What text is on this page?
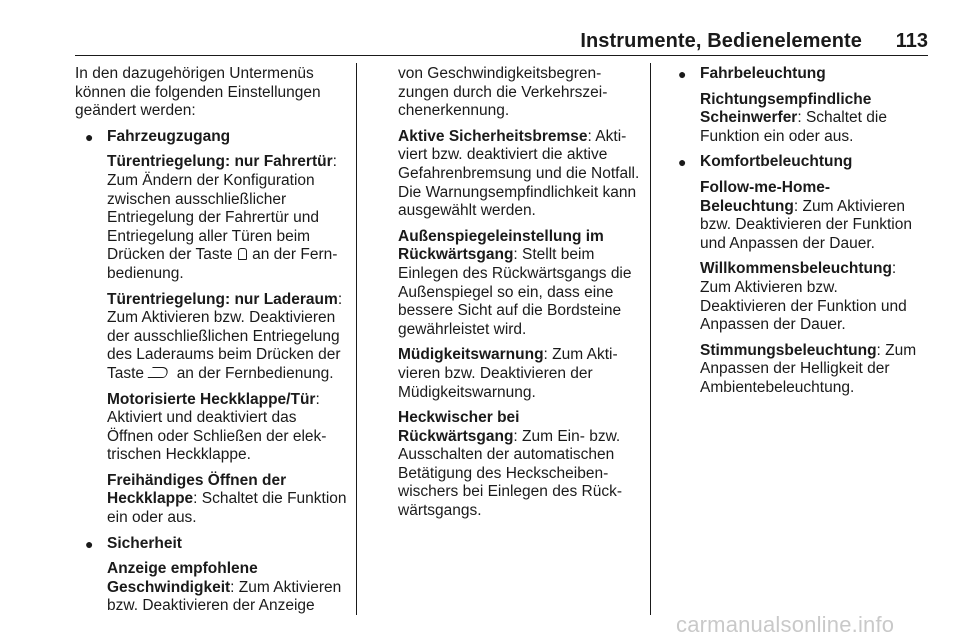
Instrumente, Bedienelemente	113

In den dazugehörigen Untermenüs können die folgenden Einstellungen geändert werden:

● Fahrzeugzugang

Türentriegelung: nur Fahrertür: Zum Ändern der Konfiguration zwischen ausschließlicher Entriegelung der Fahrertür und Entriegelung aller Türen beim Drücken der Taste an der Fernbedienung.

Türentriegelung: nur Laderaum: Zum Aktivieren bzw. Deaktivieren der ausschließlichen Entriegelung des Laderaums beim Drücken der Taste an der Fernbedienung.

Motorisierte Heckklappe/Tür: Aktiviert und deaktiviert das Öffnen oder Schließen der elektrischen Heckklappe.

Freihändiges Öffnen der Heckklappe: Schaltet die Funktion ein oder aus.

● Sicherheit

Anzeige empfohlene Geschwindigkeit: Zum Aktivieren bzw. Deaktivieren der Anzeige

von Geschwindigkeitsbegrenzungen durch die Verkehrszeichenerkennung.

Aktive Sicherheitsbremse: Aktiviert bzw. deaktiviert die aktive Gefahrenbremsung und die Notfall. Die Warnungsempfindlichkeit kann ausgewählt werden.

Außenspiegeleinstellung im Rückwärtsgang: Stellt beim Einlegen des Rückwärtsgangs die Außenspiegel so ein, dass eine bessere Sicht auf die Bordsteine gewährleistet wird.

Müdigkeitswarnung: Zum Aktivieren bzw. Deaktivieren der Müdigkeitswarnung.

Heckwischer bei Rückwärtsgang: Zum Ein- bzw. Ausschalten der automatischen Betätigung des Heckscheibenwischers bei Einlegen des Rückwärtsgangs.

● Fahrbeleuchtung

Richtungsempfindliche Scheinwerfer: Schaltet die Funktion ein oder aus.

● Komfortbeleuchtung

Follow-me-Home-Beleuchtung: Zum Aktivieren bzw. Deaktivieren der Funktion und Anpassen der Dauer.

Willkommensbeleuchtung: Zum Aktivieren bzw. Deaktivieren der Funktion und Anpassen der Dauer.

Stimmungsbeleuchtung: Zum Anpassen der Helligkeit der Ambientebeleuchtung.

carmanualsonline.info
